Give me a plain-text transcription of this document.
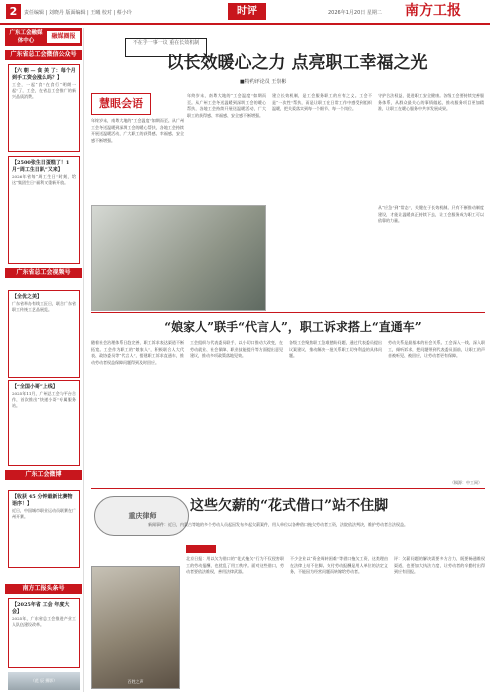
2	责任编辑 | 刘晓丹 版面编辑 | 王曦 校对 | 蔡小玲	时评	2026年1月20日 星期二 南方工报
广东工会融媒体中心
融媒圈报
广东省总工会微信公众号
【六 朝 — 食 美 了：每个月到手工资会涨么吗？】
工会，一起“食”在食行“明朗一起”了，工会，在省总工会推广的新兴品质消费。
【2500张生日蛋糕了！1月“周工生日趴”又来】
2026年省每“周工生日”时刻，给这“集团生日”福利又重新开放。
广东省总工会视频号
【全优之美】
广东省举办有线工匠日，联合广东省职工传统工艺品展览。
【“全国小哥”上线】
2025年11月，广州总工会与平台合作，首次推出“快递小哥”专属服务站。
广东工会微博
【收获 45 分钟最新比赛物语序！】
近日，中国城市职业运动员联赛在广州开赛。
南方工报头条号
【2025年省 工会 年度大会】
2025年，广东省总工会推进产业工人队伍建设改革。
（范 辰 摄影）
不在乎一事一议 重在长效机制
以长效暖心之力 点亮职工幸福之光
■特约评论员 王崇彬
慧眼会语
年终岁末，南粤大地的“工会温度”如期而至。从广州工会冬送温暖到深圳工会的暖心帮扶，各地工会持续开展送温暖活动，广大职工的获得感、幸福感、安全感不断增强。
年终岁末，南粤大地的“工会温度”如期而至。从广州工会冬送温暖到深圳工会的暖心帮扶，各地工会持续开展送温暖活动，广大职工的获得感、幸福感、安全感不断增强。
建立长效机制，是工会服务职工的应有之义。工会不是“一次性”帮扶，而是让职工在日常工作中感受到组织温暖，把关爱落实到每一个细节、每一个岗位。
守护合法权益，促进职工安全健康。各级工会要持续完善服务体系，从群众最关心的事情做起，推动服务项目更加精准，让职工在暖心服务中共享发展成果。
从“应急”到“常态”，关键在于长效机制。只有不断推动制度建设，才能让温暖真正持续下去，让工会服务成为职工可以依靠的力量。
“娘家人”联手“代言人”，职工诉求搭上“直通车”
随着社会治理体系日趋完善，职工诉求表达渠道不断拓宽。工会作为职工的“娘家人”，积极联合人大代表、政协委员等“代言人”，搭建职工诉求直通车，推动劳动者权益保障问题得到及时回应。
工会组织与代表委员联手，以小切口推动大改变，在劳动就业、社会保障、职业技能提升等方面提出意见建议，推动多项政策落地见效。
各级工会聚焦职工急难愁盼问题，通过代表委员提出议案建议，推动解决一批关系职工切身利益的具体问题。
劳动关系是最基本的社会关系。工会深入一线、深入职工，倾听诉求，把问题带到代表委员面前，让职工的声音被听见、被回应，让劳动者更有保障。
（稿源：中工网）
重庆律师
这些欠薪的“花式借口”站不住脚
新闻事件：近日，内蒙古等地的多个劳动人员起因发布多起欠薪案件，用人单位以各种借口拖欠劳动者工资，法院依法判决，维护劳动者合法权益。
北京日报：用以欠为借口的“花式拖欠”行为不仅侵害职工的劳动报酬，也扰乱了用工秩序。面对这些借口，劳动者要依法维权，善用法律武器。
不少企业以“资金周转困难”等借口拖欠工资，这类理由在法律上站不住脚。支付劳动报酬是用人单位的法定义务，不能因为经营问题而转嫁给劳动者。
评：欠薪问题的解决需要多方合力，既要畅通维权渠道，也要加大执法力度，让劳动者的辛勤付出得到应有回报。
百姓之声
